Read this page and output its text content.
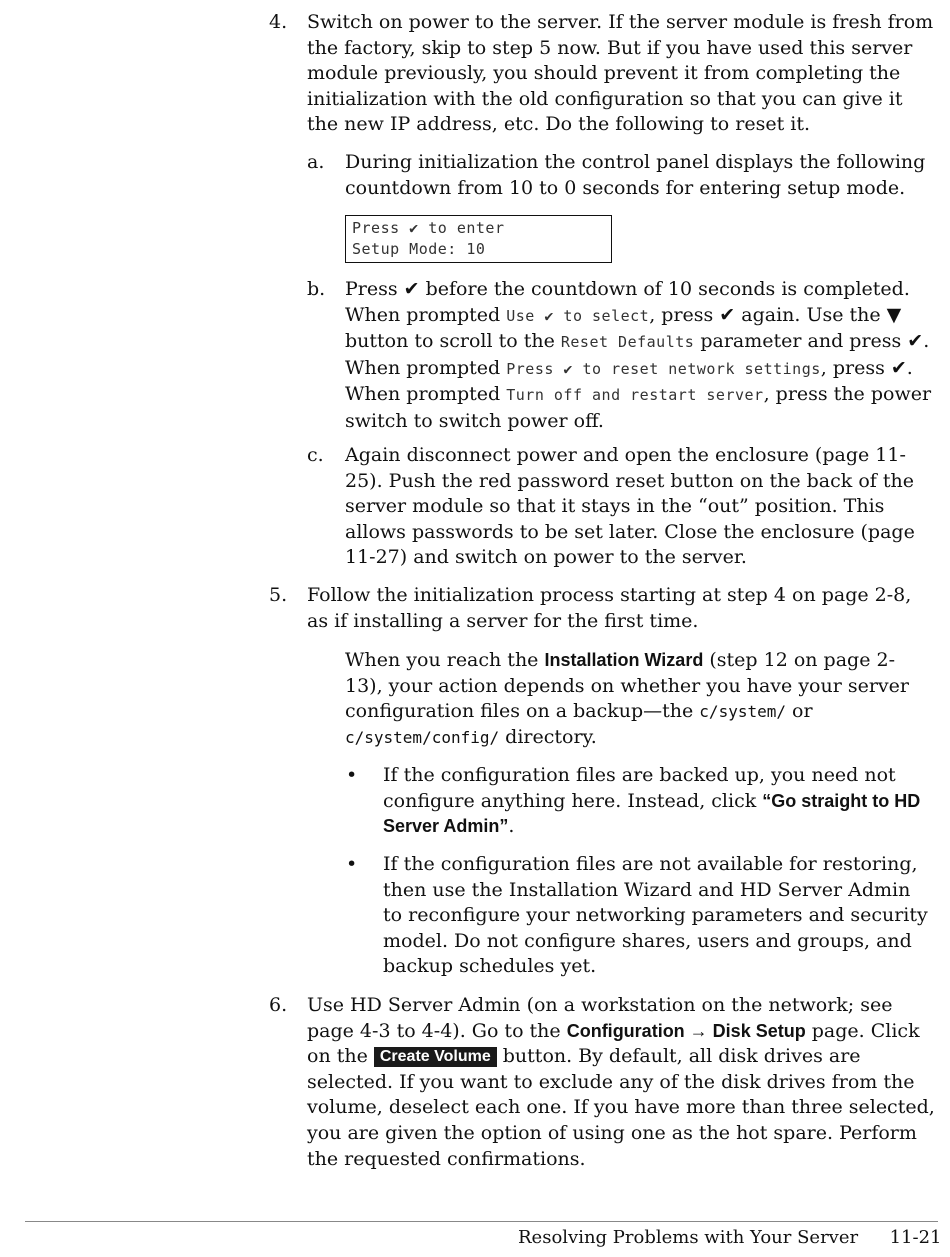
4. Switch on power to the server. If the server module is fresh from the factory, skip to step 5 now. But if you have used this server module previously, you should prevent it from completing the initialization with the old configuration so that you can give it the new IP address, etc. Do the following to reset it.

a. During initialization the control panel displays the following countdown from 10 to 0 seconds for entering setup mode.

Press ✔ to enter
Setup Mode: 10
b. Press ✔ before the countdown of 10 seconds is completed. When prompted Use ✔ to select, press ✔ again. Use the ▼ button to scroll to the Reset Defaults parameter and press ✔. When prompted Press ✔ to reset network settings, press ✔. When prompted Turn off and restart server, press the power switch to switch power off.

c. Again disconnect power and open the enclosure (page 11-25). Push the red password reset button on the back of the server module so that it stays in the “out” position. This allows passwords to be set later. Close the enclosure (page 11-27) and switch on power to the server.

5. Follow the initialization process starting at step 4 on page 2-8, as if installing a server for the first time.

When you reach the Installation Wizard (step 12 on page 2-13), your action depends on whether you have your server configuration files on a backup—the c/system/ or c/system/config/ directory.

• If the configuration files are backed up, you need not configure anything here. Instead, click “Go straight to HD Server Admin”.

• If the configuration files are not available for restoring, then use the Installation Wizard and HD Server Admin to reconfigure your networking parameters and security model. Do not configure shares, users and groups, and backup schedules yet.

6. Use HD Server Admin (on a workstation on the network; see page 4-3 to 4-4). Go to the Configuration → Disk Setup page. Click on the Create Volume button. By default, all disk drives are selected. If you want to exclude any of the disk drives from the volume, deselect each one. If you have more than three selected, you are given the option of using one as the hot spare. Perform the requested confirmations.

Resolving Problems with Your Server 11-21
